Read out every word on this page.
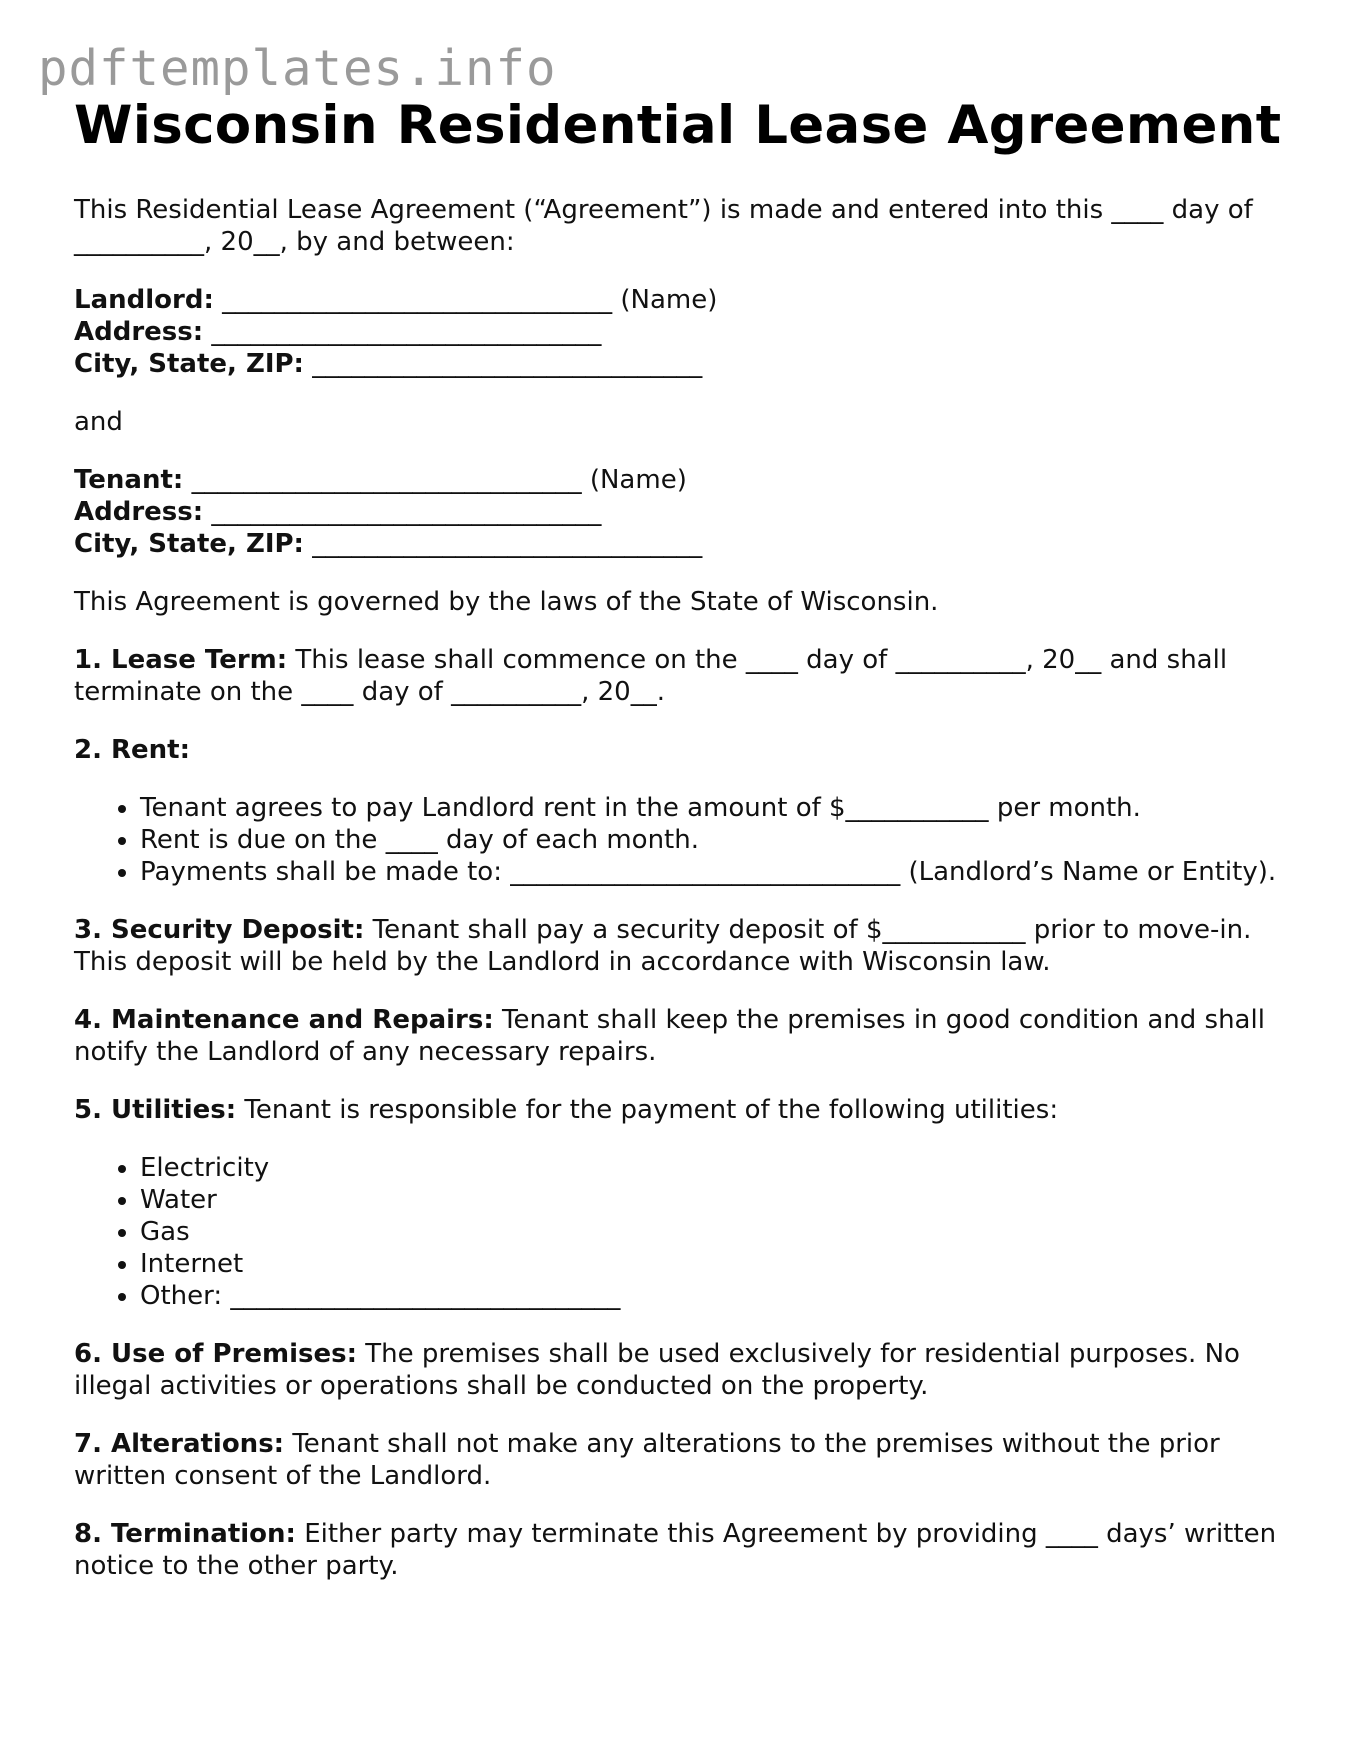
pdftemplates.info
Wisconsin Residential Lease Agreement

This Residential Lease Agreement (“Agreement”) is made and entered into this ____ day of __________, 20__, by and between:

Landlord: ______________________________ (Name)

Address: ______________________________

City, State, ZIP: ______________________________

and

Tenant: ______________________________ (Name)

Address: ______________________________

City, State, ZIP: ______________________________

This Agreement is governed by the laws of the State of Wisconsin.

1. Lease Term: This lease shall commence on the ____ day of __________, 20__ and shall terminate on the ____ day of __________, 20__.

2. Rent:

• Tenant agrees to pay Landlord rent in the amount of $___________ per month.
• Rent is due on the ____ day of each month.
• Payments shall be made to: ______________________________ (Landlord’s Name or Entity).

3. Security Deposit: Tenant shall pay a security deposit of $___________ prior to move-in. This deposit will be held by the Landlord in accordance with Wisconsin law.

4. Maintenance and Repairs: Tenant shall keep the premises in good condition and shall notify the Landlord of any necessary repairs.

5. Utilities: Tenant is responsible for the payment of the following utilities:

• Electricity
• Water
• Gas
• Internet
• Other: ______________________________

6. Use of Premises: The premises shall be used exclusively for residential purposes. No illegal activities or operations shall be conducted on the property.

7. Alterations: Tenant shall not make any alterations to the premises without the prior written consent of the Landlord.

8. Termination: Either party may terminate this Agreement by providing ____ days’ written notice to the other party.
